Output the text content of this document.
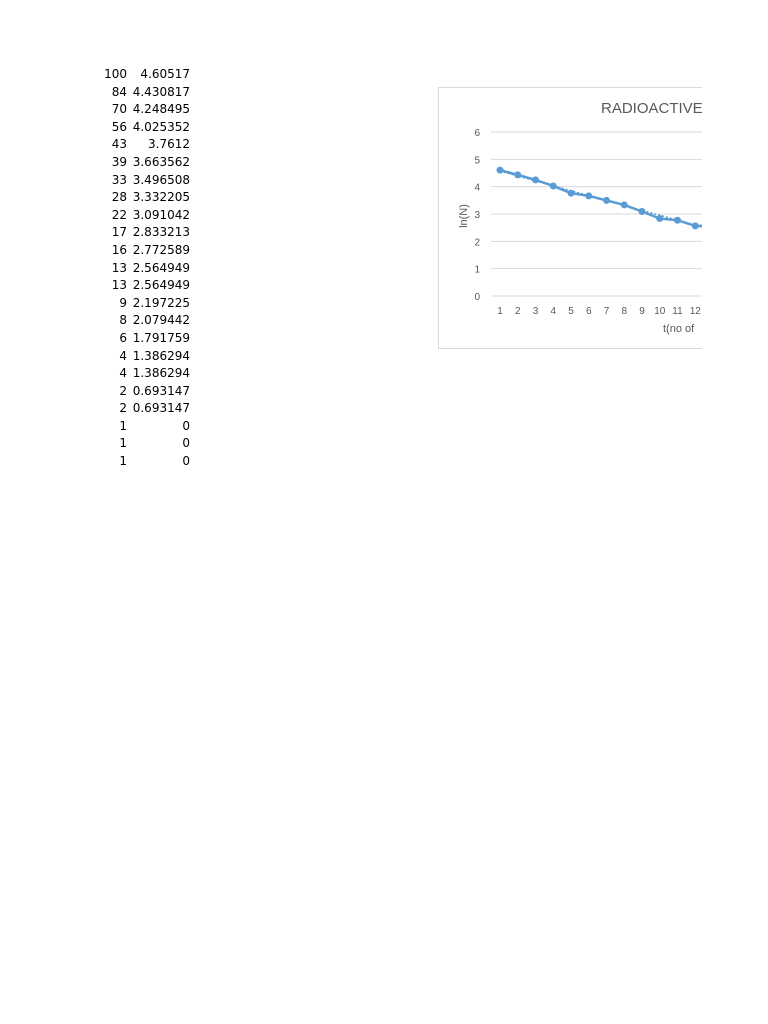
100	4.60517
84	4.430817
70	4.248495
56	4.025352
43	3.7612
39	3.663562
33	3.496508
28	3.332205
22	3.091042
17	2.833213
16	2.772589
13	2.564949
13	2.564949
9	2.197225
8	2.079442
6	1.791759
4	1.386294
4	1.386294
2	0.693147
2	0.693147
1	0
1	0
1	0
0
1
2
3
4
5
6
1 2 3 4 5 6 7 8 9 10 11 12
RADIOACTIVE
ln(N)
t(no of
